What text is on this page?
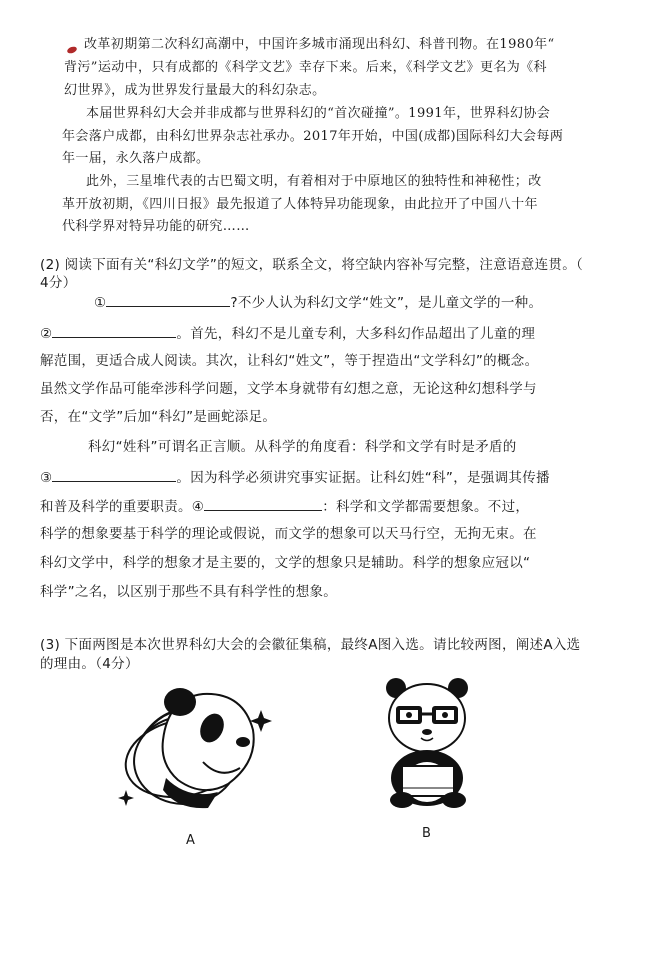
改革初期第二次科幻高潮中，中国许多城市涌现出科幻、科普刊物。在1980年“
背污”运动中，只有成都的《科学文艺》幸存下来。后来，《科学文艺》更名为《科
幻世界》，成为世界发行量最大的科幻杂志。
本届世界科幻大会并非成都与世界科幻的“首次碰撞”。1991年，世界科幻协会
年会落户成都，由科幻世界杂志社承办。2017年开始，中国(成都)国际科幻大会每两
年一届，永久落户成都。
此外，三星堆代表的古巴蜀文明，有着相对于中原地区的独特性和神秘性；改
革开放初期，《四川日报》最先报道了人体特异功能现象，由此拉开了中国八十年
代科学界对特异功能的研究……
(2) 阅读下面有关“科幻文学”的短文，联系全文，将空缺内容补写完整，注意语意连贯。（
4分）
①	?不少人认为科幻文学“姓文”，是儿童文学的一种。
②	。首先，科幻不是儿童专利，大多科幻作品超出了儿童的理
解范围，更适合成人阅读。其次，让科幻“姓文”，等于捏造出“文学科幻”的概念。
虽然文学作品可能牵涉科学问题，文学本身就带有幻想之意，无论这种幻想科学与
否，在“文学”后加“科幻”是画蛇添足。
科幻“姓科”可谓名正言顺。从科学的角度看：科学和文学有时是矛盾的
③	。因为科学必须讲究事实证据。让科幻姓“科”，是强调其传播
和普及科学的重要职责。④	：科学和文学都需要想象。不过，
科学的想象要基于科学的理论或假说，而文学的想象可以天马行空，无拘无束。在
科幻文学中，科学的想象才是主要的，文学的想象只是辅助。科学的想象应冠以“
科学”之名，以区别于那些不具有科学性的想象。
(3) 下面两图是本次世界科幻大会的会徽征集稿，最终A图入选。请比较两图，阐述A入选
的理由。（4分）
A	B
